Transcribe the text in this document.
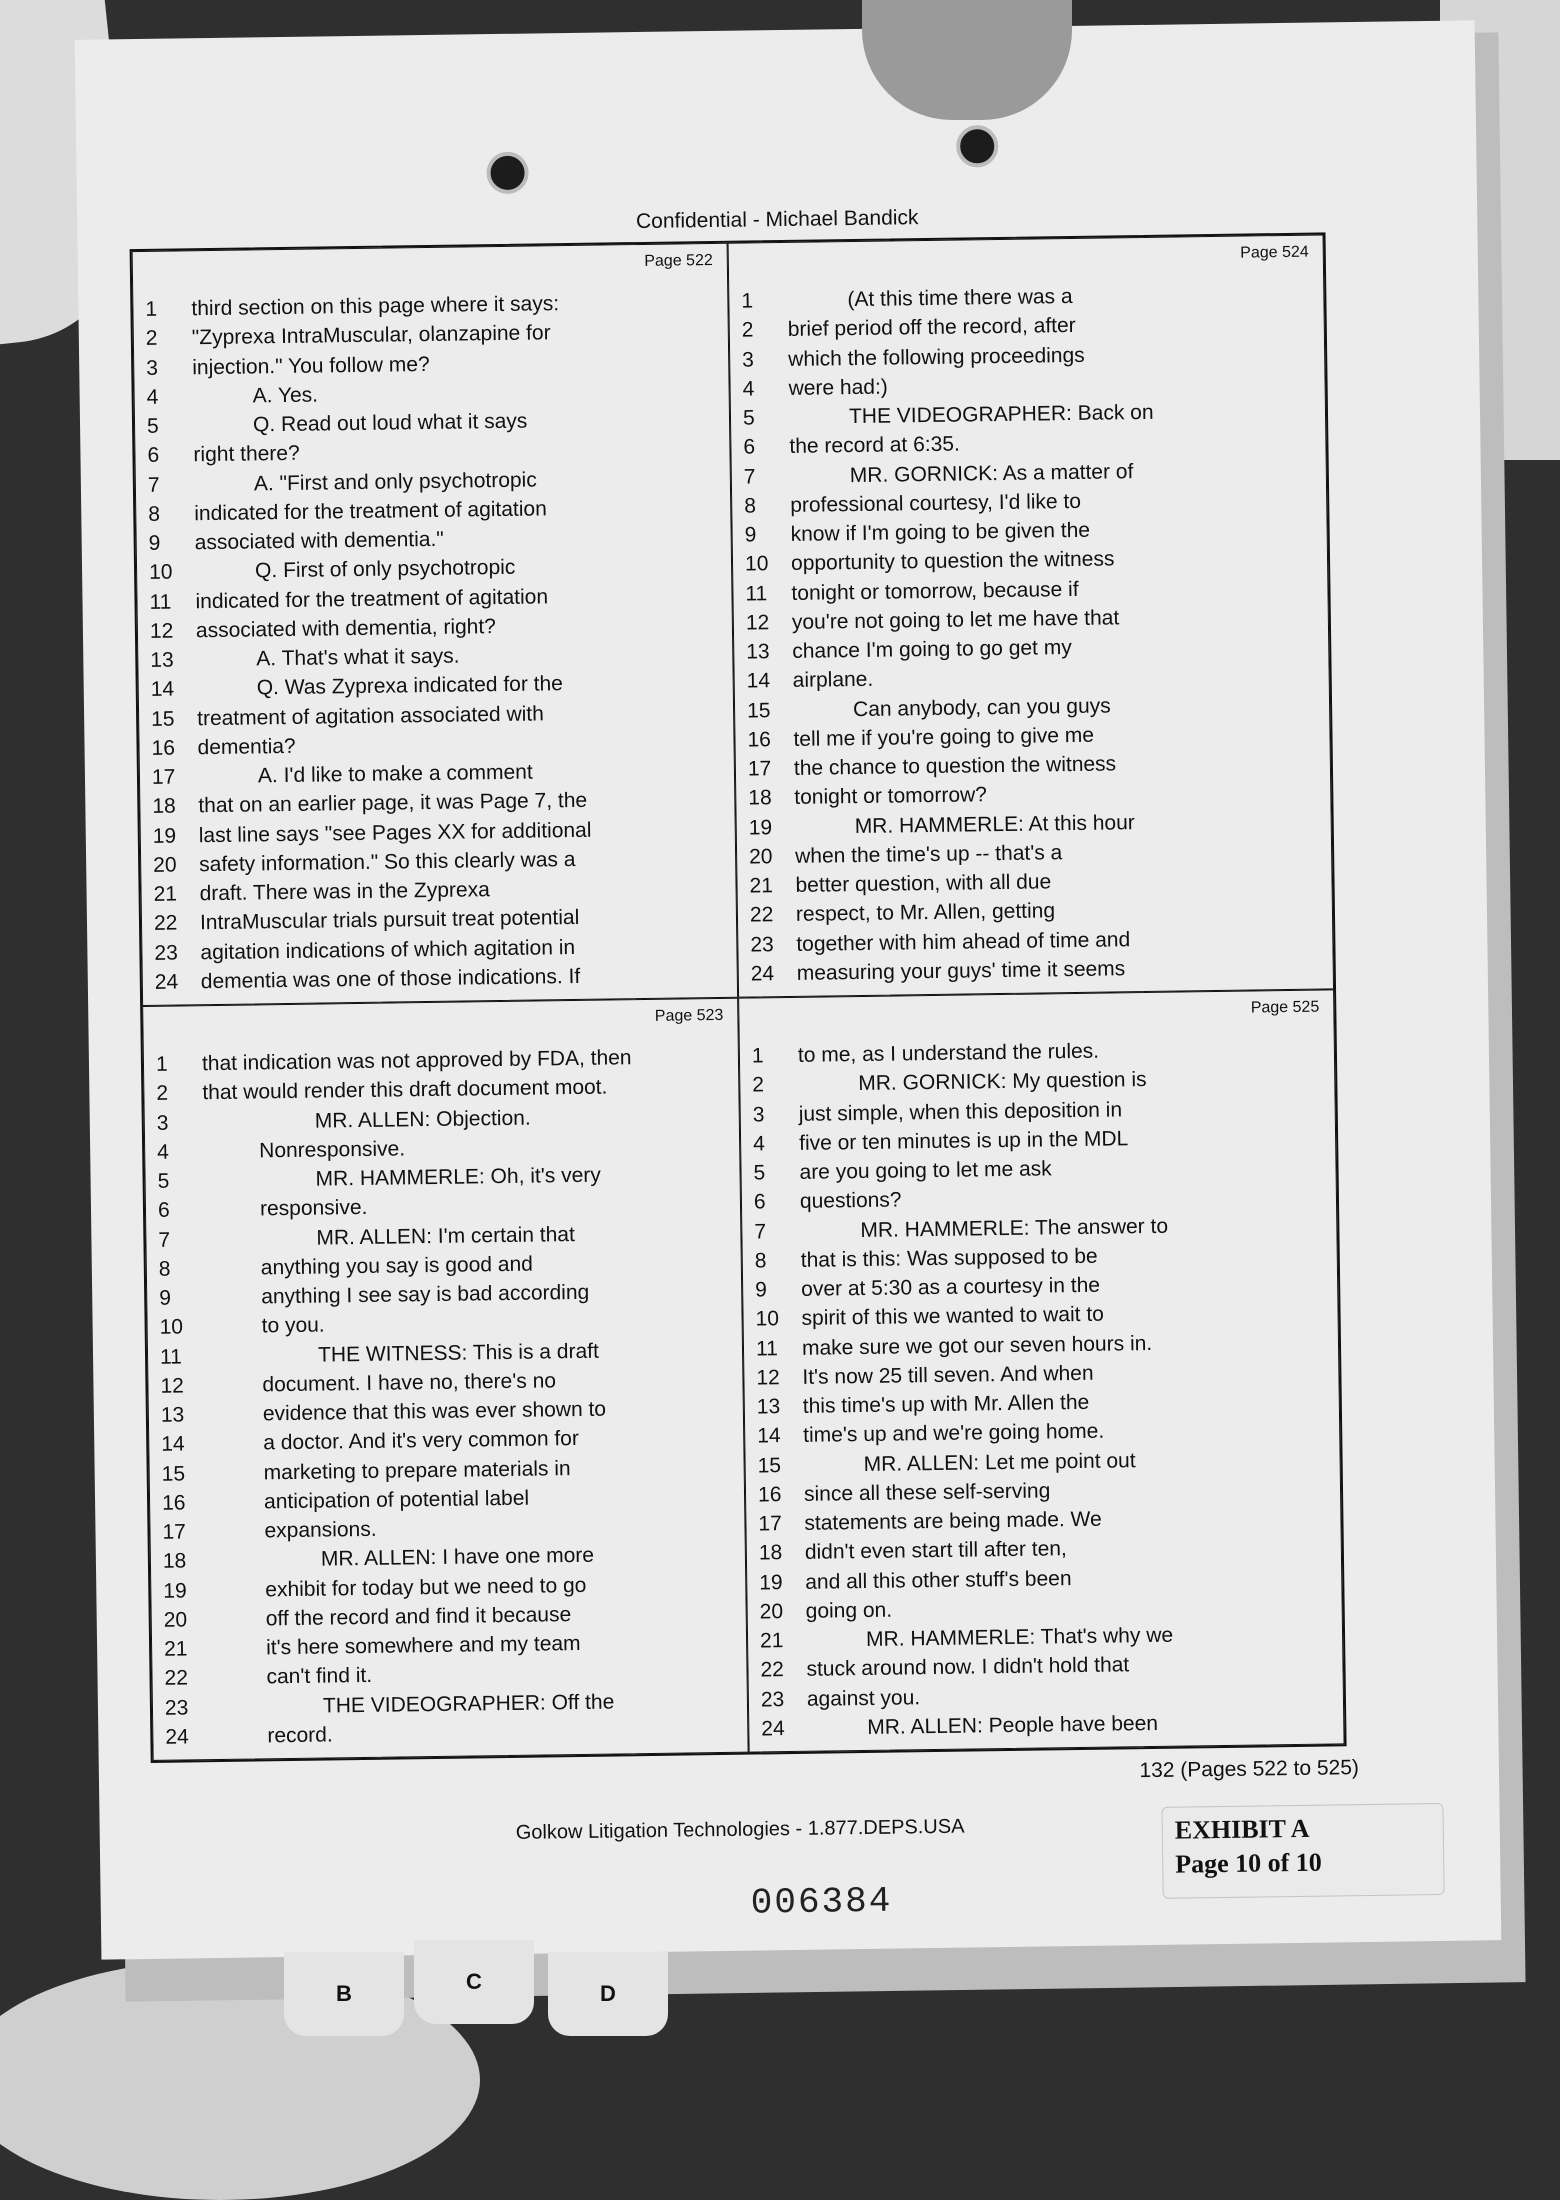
Confidential - Michael Bandick
Page 522
1	third section on this page where it says:
2	"Zyprexa IntraMuscular, olanzapine for
3	injection." You follow me?
4	A. Yes.
5	Q. Read out loud what it says
6	right there?
7	A. "First and only psychotropic
8	indicated for the treatment of agitation
9	associated with dementia."
10	Q. First of only psychotropic
11	indicated for the treatment of agitation
12	associated with dementia, right?
13	A. That's what it says.
14	Q. Was Zyprexa indicated for the
15	treatment of agitation associated with
16	dementia?
17	A. I'd like to make a comment
18	that on an earlier page, it was Page 7, the
19	last line says "see Pages XX for additional
20	safety information." So this clearly was a
21	draft. There was in the Zyprexa
22	IntraMuscular trials pursuit treat potential
23	agitation indications of which agitation in
24	dementia was one of those indications. If
Page 524
1	(At this time there was a
2	brief period off the record, after
3	which the following proceedings
4	were had:)
5	THE VIDEOGRAPHER: Back on
6	the record at 6:35.
7	MR. GORNICK: As a matter of
8	professional courtesy, I'd like to
9	know if I'm going to be given the
10	opportunity to question the witness
11	tonight or tomorrow, because if
12	you're not going to let me have that
13	chance I'm going to go get my
14	airplane.
15	Can anybody, can you guys
16	tell me if you're going to give me
17	the chance to question the witness
18	tonight or tomorrow?
19	MR. HAMMERLE: At this hour
20	when the time's up -- that's a
21	better question, with all due
22	respect, to Mr. Allen, getting
23	together with him ahead of time and
24	measuring your guys' time it seems
Page 523
1	that indication was not approved by FDA, then
2	that would render this draft document moot.
3	MR. ALLEN: Objection.
4	Nonresponsive.
5	MR. HAMMERLE: Oh, it's very
6	responsive.
7	MR. ALLEN: I'm certain that
8	anything you say is good and
9	anything I see say is bad according
10	to you.
11	THE WITNESS: This is a draft
12	document. I have no, there's no
13	evidence that this was ever shown to
14	a doctor. And it's very common for
15	marketing to prepare materials in
16	anticipation of potential label
17	expansions.
18	MR. ALLEN: I have one more
19	exhibit for today but we need to go
20	off the record and find it because
21	it's here somewhere and my team
22	can't find it.
23	THE VIDEOGRAPHER: Off the
24	record.
Page 525
1	to me, as I understand the rules.
2	MR. GORNICK: My question is
3	just simple, when this deposition in
4	five or ten minutes is up in the MDL
5	are you going to let me ask
6	questions?
7	MR. HAMMERLE: The answer to
8	that is this: Was supposed to be
9	over at 5:30 as a courtesy in the
10	spirit of this we wanted to wait to
11	make sure we got our seven hours in.
12	It's now 25 till seven. And when
13	this time's up with Mr. Allen the
14	time's up and we're going home.
15	MR. ALLEN: Let me point out
16	since all these self-serving
17	statements are being made. We
18	didn't even start till after ten,
19	and all this other stuff's been
20	going on.
21	MR. HAMMERLE: That's why we
22	stuck around now. I didn't hold that
23	against you.
24	MR. ALLEN: People have been
132 (Pages 522 to 525)
Golkow Litigation Technologies - 1.877.DEPS.USA	EXHIBIT A
Page 10 of 10
006384
B	C	D
